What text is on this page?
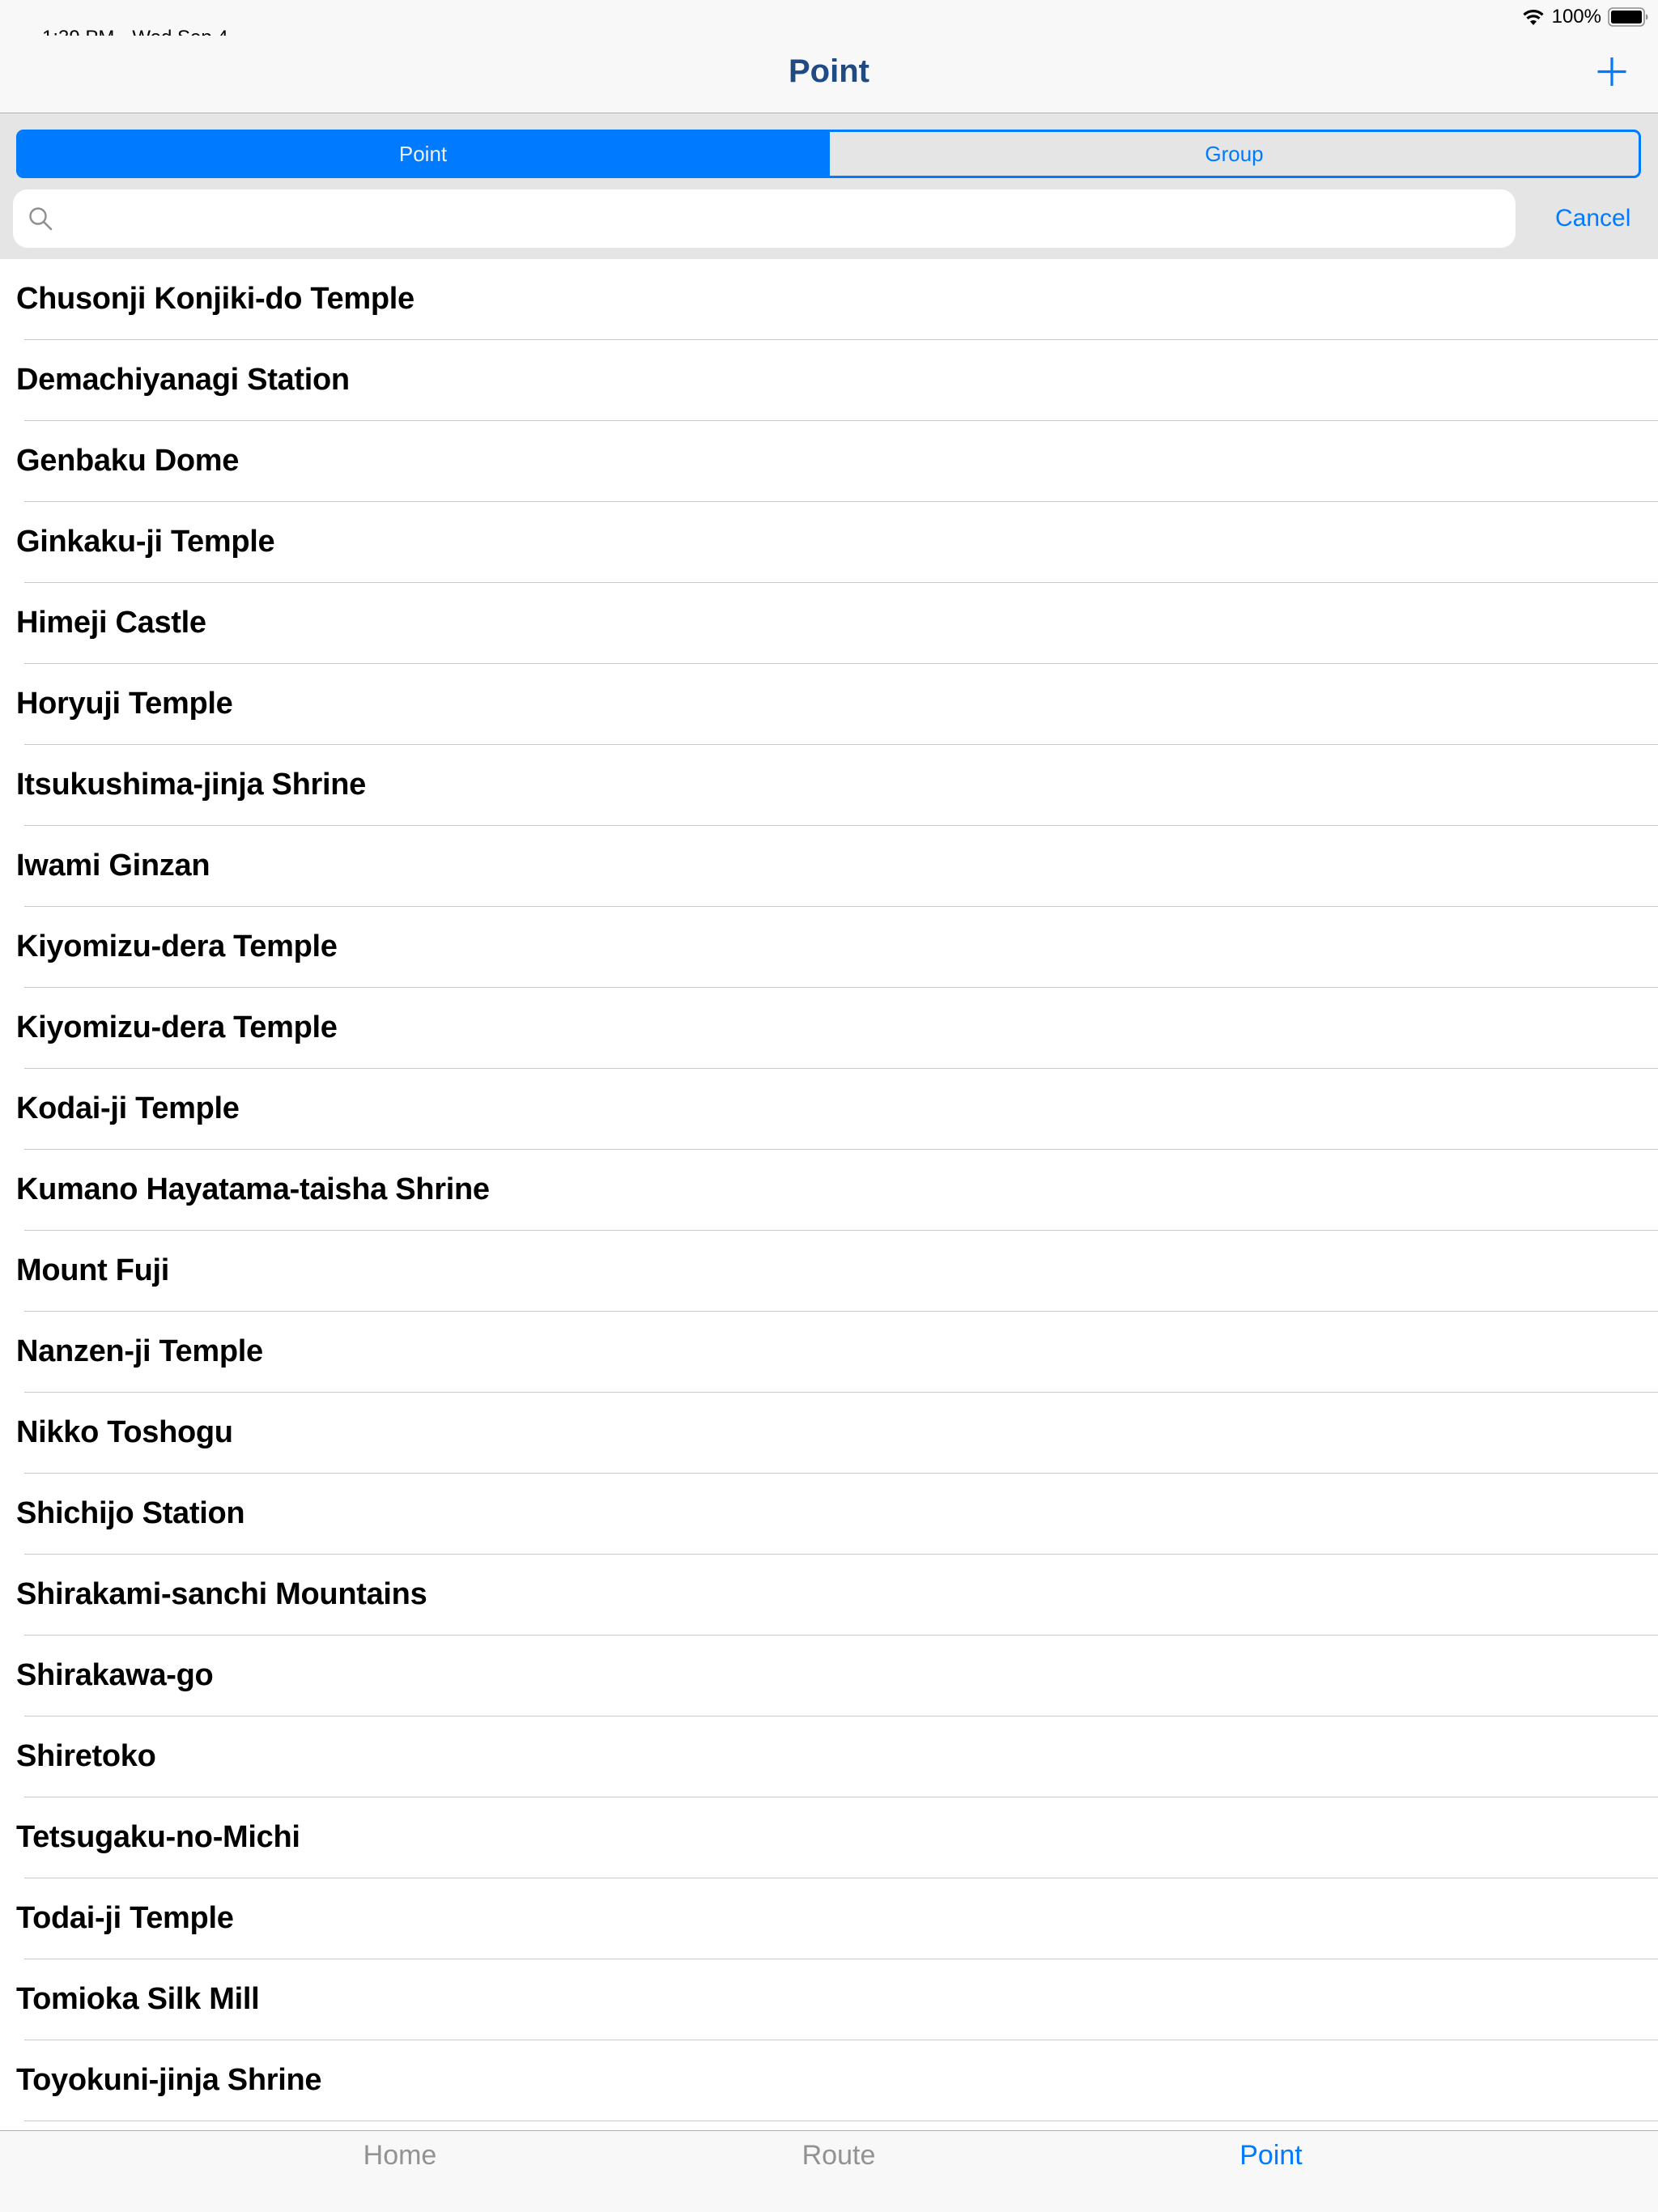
100%
Point
Point	Group
Cancel
Chusonji Konjiki-do Temple
Demachiyanagi Station
Genbaku Dome
Ginkaku-ji Temple
Himeji Castle
Horyuji Temple
Itsukushima-jinja Shrine
Iwami Ginzan
Kiyomizu-dera Temple
Kiyomizu-dera Temple
Kodai-ji Temple
Kumano Hayatama-taisha Shrine
Mount Fuji
Nanzen-ji Temple
Nikko Toshogu
Shichijo Station
Shirakami-sanchi Mountains
Shirakawa-go
Shiretoko
Tetsugaku-no-Michi
Todai-ji Temple
Tomioka Silk Mill
Toyokuni-jinja Shrine
Home	Route	Point
